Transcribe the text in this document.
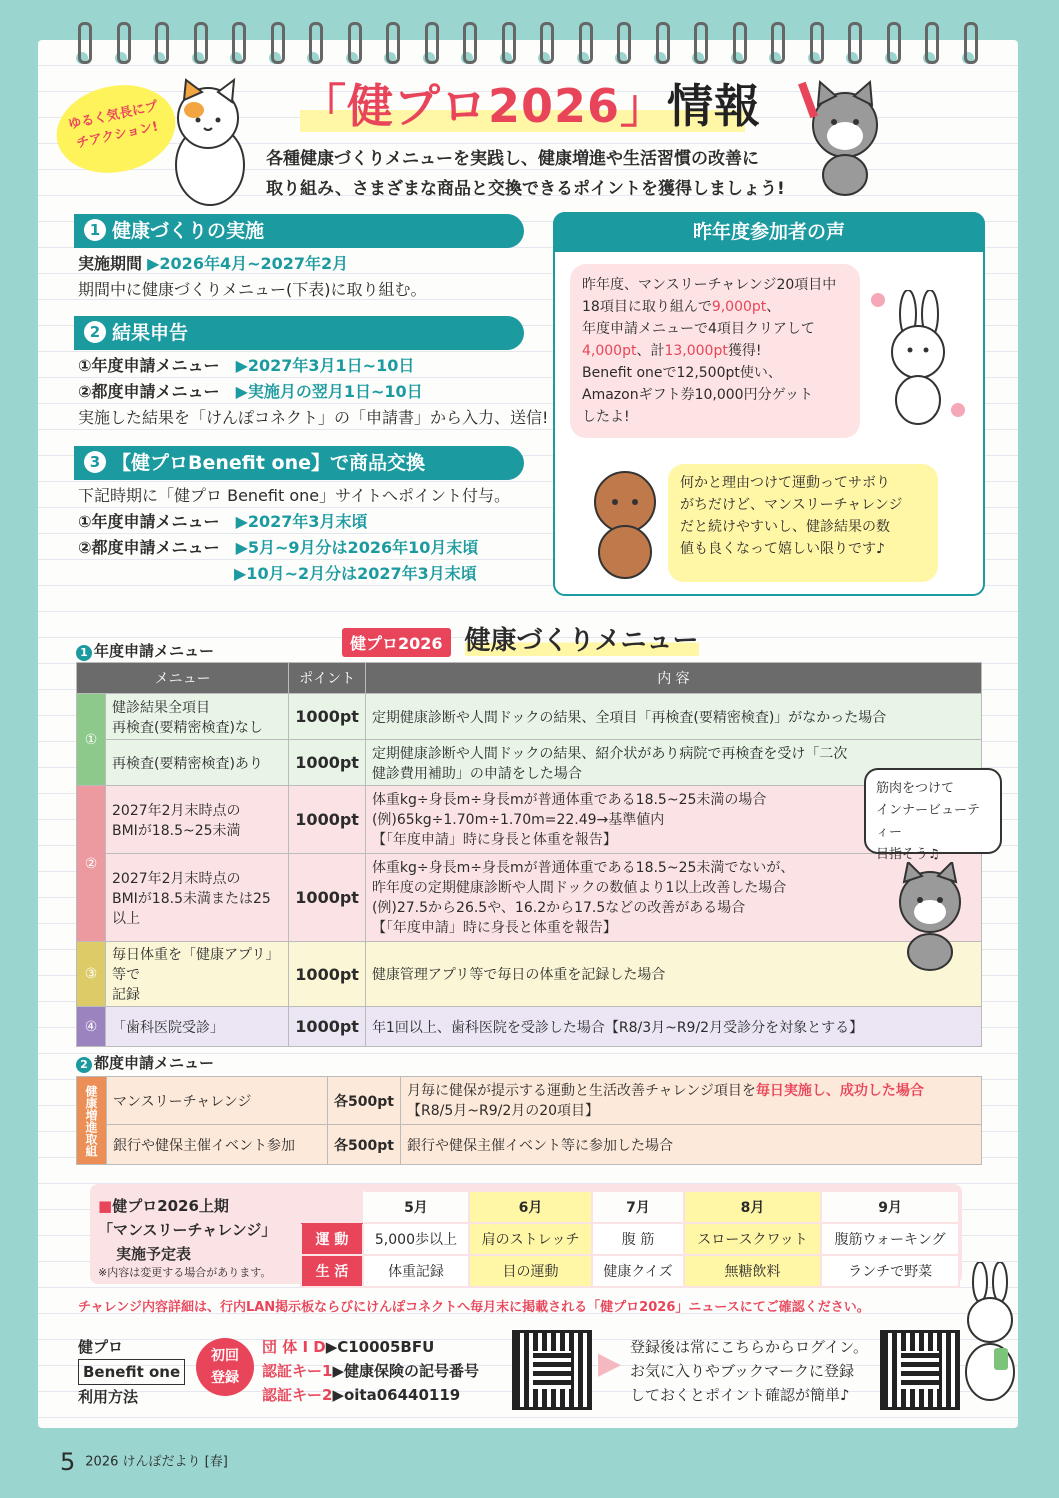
ゆるく気長にプチアクション!
「健プロ2026」情報
各種健康づくりメニューを実践し、健康増進や生活習慣の改善に
取り組み、さまざまな商品と交換できるポイントを獲得しましょう!
1 健康づくりの実施
実施期間 ▶2026年4月~2027年2月
期間中に健康づくりメニュー(下表)に取り組む。
2 結果申告
①年度申請メニュー　 ▶2027年3月1日~10日
②都度申請メニュー　 ▶実施月の翌月1日~10日
実施した結果を「けんぽコネクト」の「申請書」から入力、送信!
3 【健プロBenefit one】で商品交換
下記時期に「健プロ Benefit one」サイトへポイント付与。
①年度申請メニュー　 ▶2027年3月末頃
②都度申請メニュー　 ▶5月~9月分は2026年10月末頃
▶10月~2月分は2027年3月末頃
昨年度参加者の声
昨年度、マンスリーチャレンジ20項目中
18項目に取り組んで9,000pt、
年度申請メニューで4項目クリアして
4,000pt、計13,000pt獲得!
Benefit oneで12,500pt使い、
Amazonギフト券10,000円分ゲット
したよ!
何かと理由つけて運動ってサボり
がちだけど、マンスリーチャレンジ
だと続けやすいし、健診結果の数
値も良くなって嬉しい限りです♪
健プロ2026 健康づくりメニュー
1 年度申請メニュー
メニュー		ポイント	内 容
①	健診結果全項目
再検査(要精密検査)なし	1000pt	定期健康診断や人間ドックの結果、全項目「再検査(要精密検査)」がなかった場合
	再検査(要精密検査)あり	1000pt	定期健康診断や人間ドックの結果、紹介状があり病院で再検査を受け「二次健診費用補助」の申請をした場合
②	2027年2月末時点の
BMIが18.5~25未満	1000pt	体重kg÷身長m÷身長mが普通体重である18.5~25未満の場合
(例)65kg÷1.70m÷1.70m=22.49→基準値内
【「年度申請」時に身長と体重を報告】
	2027年2月末時点の
BMIが18.5未満または25以上	1000pt	体重kg÷身長m÷身長mが普通体重である18.5~25未満でないが、
昨年度の定期健康診断や人間ドックの数値より1以上改善した場合
(例)27.5から26.5や、16.2から17.5などの改善がある場合
【「年度申請」時に身長と体重を報告】
③	毎日体重を「健康アプリ」等で
記録	1000pt	健康管理アプリ等で毎日の体重を記録した場合
④	「歯科医院受診」	1000pt	年1回以上、歯科医院を受診した場合【R8/3月~R9/2月受診分を対象とする】
筋肉をつけて
インナービューティー
目指そう♫
2 都度申請メニュー
健康増進取組	マンスリーチャレンジ	各500pt	月毎に健保が提示する運動と生活改善チャレンジ項目を毎日実施し、成功した場合
【R8/5月~R9/2月の20項目】
	銀行や健保主催イベント参加	各500pt	銀行や健保主催イベント等に参加した場合
■健プロ2026上期
「マンスリーチャレンジ」
実施予定表
※内容は変更する場合があります。
	5月	6月	7月	8月	9月
運 動	5,000歩以上	肩のストレッチ	腹 筋	スロースクワット	腹筋ウォーキング
生 活	体重記録	目の運動	健康クイズ	無糖飲料	ランチで野菜
チャレンジ内容詳細は、行内LAN掲示板ならびにけんぽコネクトへ毎月末に掲載される「健プロ2026」ニュースにてご確認ください。
健プロ
Benefit one
利用方法
初回
登録
団 体 I D▶C10005BFU
認証キー1▶健康保険の記号番号
認証キー2▶oita06440119
▶ 登録後は常にこちらからログイン。
お気に入りやブックマークに登録
しておくとポイント確認が簡単♪
5 2026 けんぽだより [春]
